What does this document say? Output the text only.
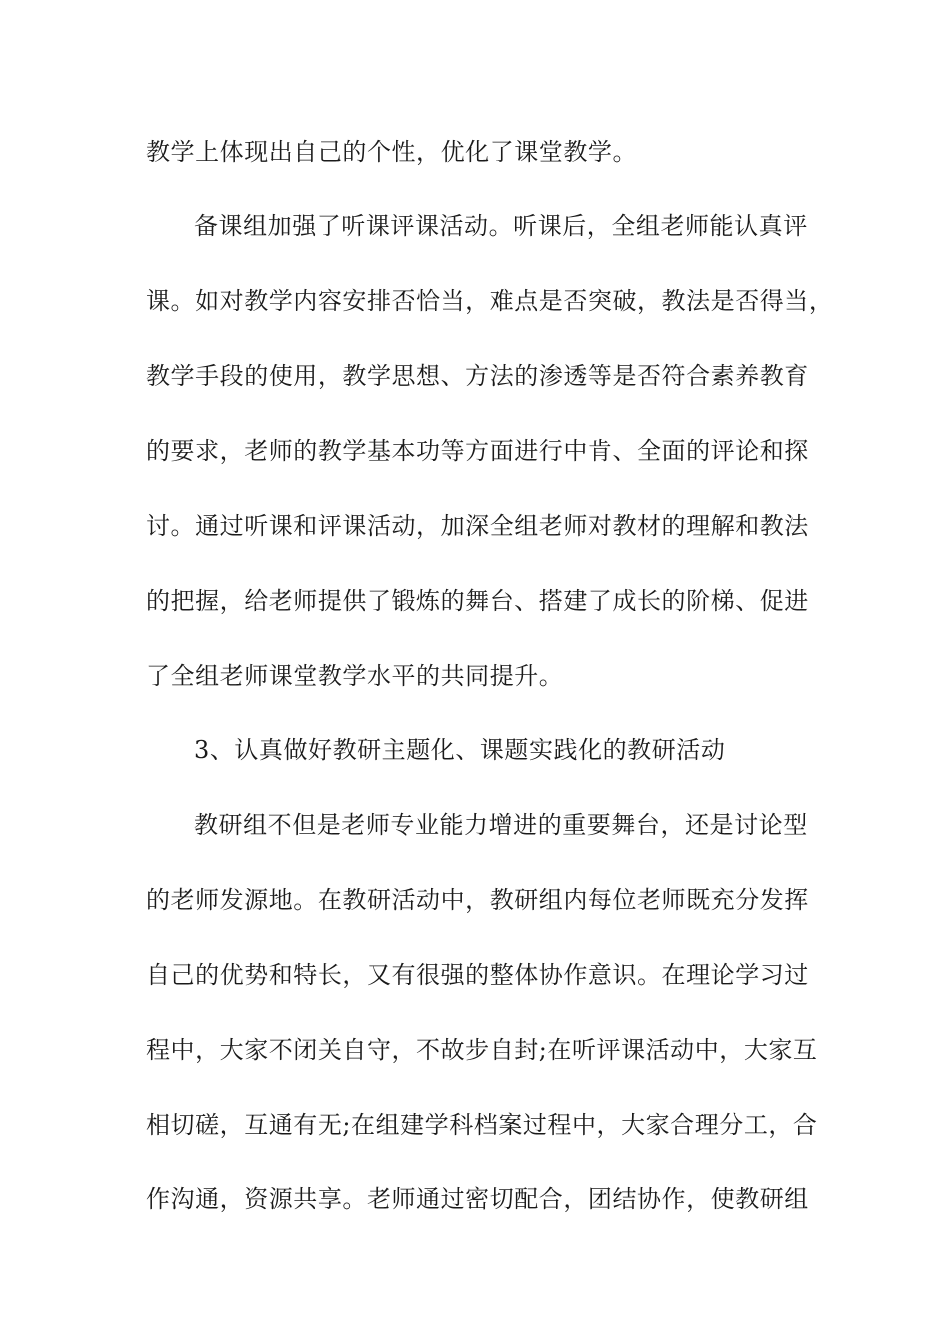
教学上体现出自己的个性，优化了课堂教学。
备课组加强了听课评课活动。听课后，全组老师能认真评
课。如对教学内容安排否恰当，难点是否突破，教法是否得当，
教学手段的使用，教学思想、方法的渗透等是否符合素养教育
的要求，老师的教学基本功等方面进行中肯、全面的评论和探
讨。通过听课和评课活动，加深全组老师对教材的理解和教法
的把握，给老师提供了锻炼的舞台、搭建了成长的阶梯、促进
了全组老师课堂教学水平的共同提升。
3、认真做好教研主题化、课题实践化的教研活动
教研组不但是老师专业能力增进的重要舞台，还是讨论型
的老师发源地。在教研活动中，教研组内每位老师既充分发挥
自己的优势和特长，又有很强的整体协作意识。在理论学习过
程中，大家不闭关自守，不故步自封;在听评课活动中，大家互
相切磋，互通有无;在组建学科档案过程中，大家合理分工，合
作沟通，资源共享。老师通过密切配合，团结协作，使教研组
